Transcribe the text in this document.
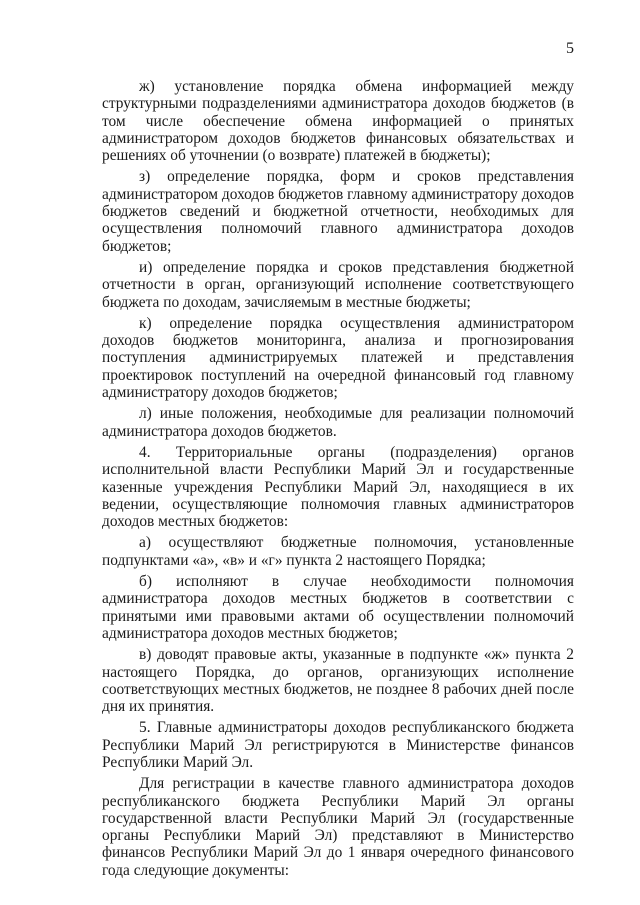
5

ж) установление порядка обмена информацией между структурными подразделениями администратора доходов бюджетов (в том числе обеспечение обмена информацией о принятых администратором доходов бюджетов финансовых обязательствах и решениях об уточнении (о возврате) платежей в бюджеты);

з) определение порядка, форм и сроков представления администратором доходов бюджетов главному администратору доходов бюджетов сведений и бюджетной отчетности, необходимых для осуществления полномочий главного администратора доходов бюджетов;

и) определение порядка и сроков представления бюджетной отчетности в орган, организующий исполнение соответствующего бюджета по доходам, зачисляемым в местные бюджеты;

к) определение порядка осуществления администратором доходов бюджетов мониторинга, анализа и прогнозирования поступления администрируемых платежей и представления проектировок поступлений на очередной финансовый год главному администратору доходов бюджетов;

л) иные положения, необходимые для реализации полномочий администратора доходов бюджетов.

4. Территориальные органы (подразделения) органов исполнительной власти Республики Марий Эл и государственные казенные учреждения Республики Марий Эл, находящиеся в их ведении, осуществляющие полномочия главных администраторов доходов местных бюджетов:

а) осуществляют бюджетные полномочия, установленные подпунктами «а», «в» и «г» пункта 2 настоящего Порядка;

б) исполняют в случае необходимости полномочия администратора доходов местных бюджетов в соответствии с принятыми ими правовыми актами об осуществлении полномочий администратора доходов местных бюджетов;

в) доводят правовые акты, указанные в подпункте «ж» пункта 2 настоящего Порядка, до органов, организующих исполнение соответствующих местных бюджетов, не позднее 8 рабочих дней после дня их принятия.

5. Главные администраторы доходов республиканского бюджета Республики Марий Эл регистрируются в Министерстве финансов Республики Марий Эл.

Для регистрации в качестве главного администратора доходов республиканского бюджета Республики Марий Эл органы государственной власти Республики Марий Эл (государственные органы Республики Марий Эл) представляют в Министерство финансов Республики Марий Эл до 1 января очередного финансового года следующие документы:
